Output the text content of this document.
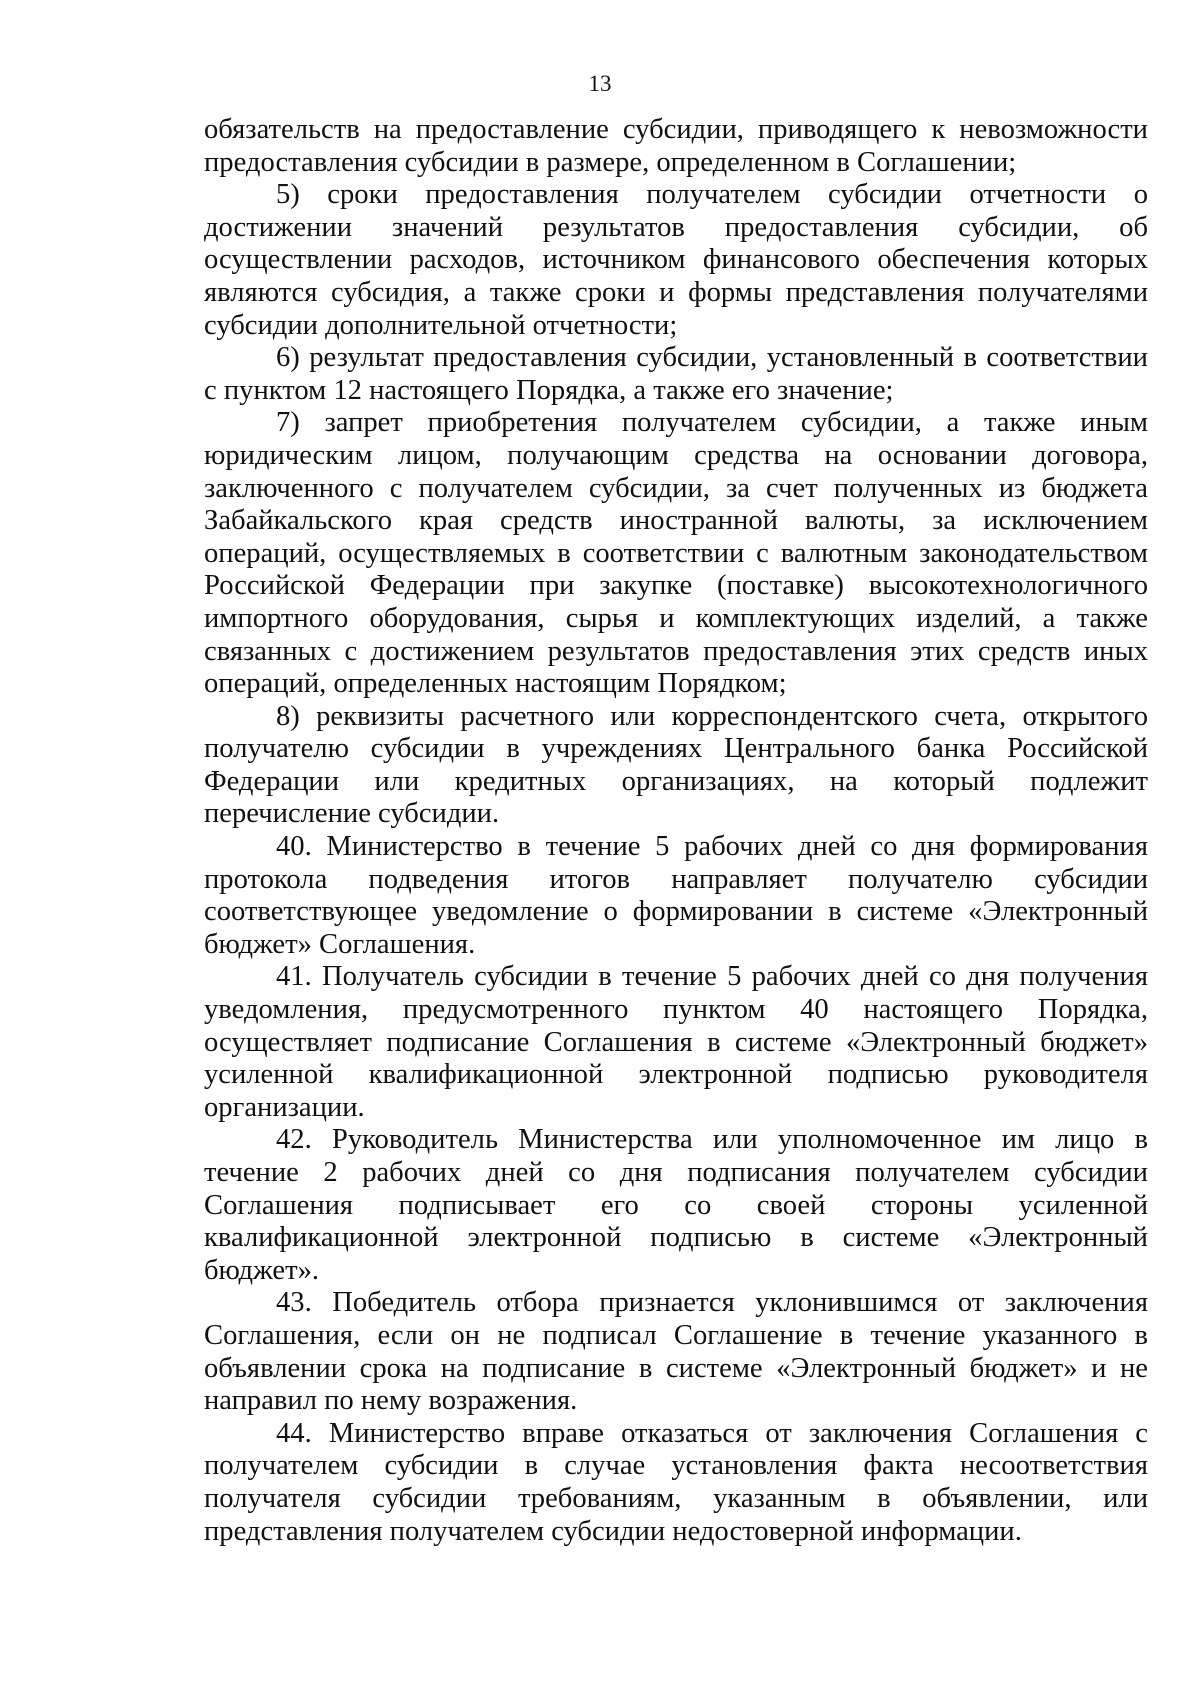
13

обязательств на предоставление субсидии, приводящего к невозможности предоставления субсидии в размере, определенном в Соглашении;

5) сроки предоставления получателем субсидии отчетности о достижении значений результатов предоставления субсидии, об осуществлении расходов, источником финансового обеспечения которых являются субсидия, а также сроки и формы представления получателями субсидии дополнительной отчетности;

6) результат предоставления субсидии, установленный в соответствии с пунктом 12 настоящего Порядка, а также его значение;

7) запрет приобретения получателем субсидии, а также иным юридическим лицом, получающим средства на основании договора, заключенного с получателем субсидии, за счет полученных из бюджета Забайкальского края средств иностранной валюты, за исключением операций, осуществляемых в соответствии с валютным законодательством Российской Федерации при закупке (поставке) высокотехнологичного импортного оборудования, сырья и комплектующих изделий, а также связанных с достижением результатов предоставления этих средств иных операций, определенных настоящим Порядком;

8) реквизиты расчетного или корреспондентского счета, открытого получателю субсидии в учреждениях Центрального банка Российской Федерации или кредитных организациях, на который подлежит перечисление субсидии.

40. Министерство в течение 5 рабочих дней со дня формирования протокола подведения итогов направляет получателю субсидии соответствующее уведомление о формировании в системе «Электронный бюджет» Соглашения.

41. Получатель субсидии в течение 5 рабочих дней со дня получения уведомления, предусмотренного пунктом 40 настоящего Порядка, осуществляет подписание Соглашения в системе «Электронный бюджет» усиленной квалификационной электронной подписью руководителя организации.

42. Руководитель Министерства или уполномоченное им лицо в течение 2 рабочих дней со дня подписания получателем субсидии Соглашения подписывает его со своей стороны усиленной квалификационной электронной подписью в системе «Электронный бюджет».

43. Победитель отбора признается уклонившимся от заключения Соглашения, если он не подписал Соглашение в течение указанного в объявлении срока на подписание в системе «Электронный бюджет» и не направил по нему возражения.

44. Министерство вправе отказаться от заключения Соглашения с получателем субсидии в случае установления факта несоответствия получателя субсидии требованиям, указанным в объявлении, или представления получателем субсидии недостоверной информации.
